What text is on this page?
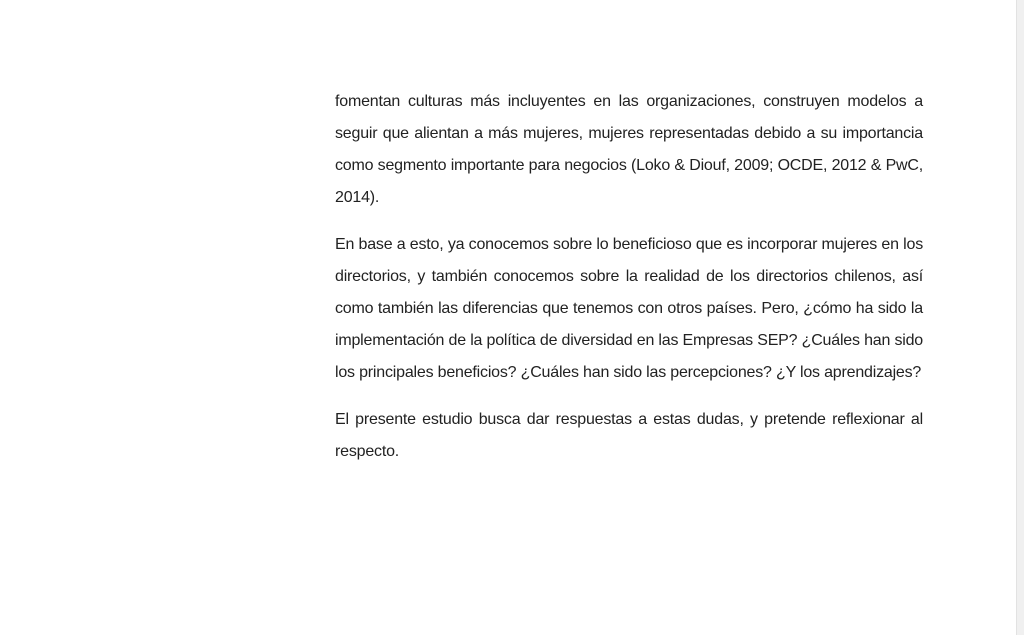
fomentan culturas más incluyentes en las organizaciones, construyen modelos a seguir que alientan a más mujeres, mujeres representadas debido a su importancia como segmento importante para negocios (Loko & Diouf, 2009; OCDE, 2012 & PwC, 2014).

En base a esto, ya conocemos sobre lo beneficioso que es incorporar mujeres en los directorios, y también conocemos sobre la realidad de los directorios chilenos, así como también las diferencias que tenemos con otros países. Pero, ¿cómo ha sido la implementación de la política de diversidad en las Empresas SEP? ¿Cuáles han sido los principales beneficios? ¿Cuáles han sido las percepciones? ¿Y los aprendizajes?

El presente estudio busca dar respuestas a estas dudas, y pretende reflexionar al respecto.
